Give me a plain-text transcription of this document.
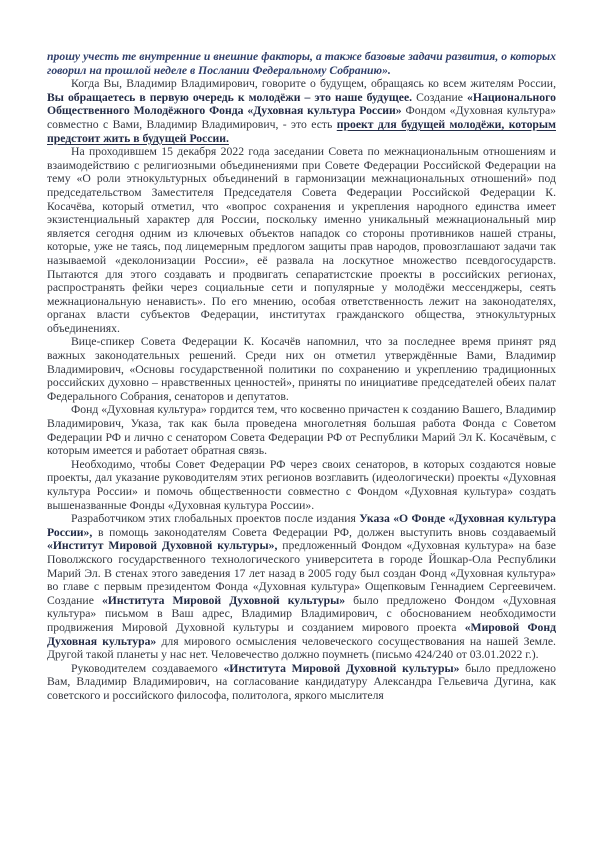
прошу учесть те внутренние и внешние факторы, а также базовые задачи развития, о которых говорил на прошлой неделе в Послании Федеральному Собранию».

Когда Вы, Владимир Владимирович, говорите о будущем, обращаясь ко всем жителям России, Вы обращаетесь в первую очередь к молодёжи – это наше будущее. Создание «Национального Общественного Молодёжного Фонда «Духовная культура России» Фондом «Духовная культура» совместно с Вами, Владимир Владимирович, - это есть проект для будущей молодёжи, которым предстоит жить в будущей России.

На проходившем 15 декабря 2022 года заседании Совета по межнациональным отношениям и взаимодействию с религиозными объединениями при Совете Федерации Российской Федерации на тему «О роли этнокультурных объединений в гармонизации межнациональных отношений» под председательством Заместителя Председателя Совета Федерации Российской Федерации К. Косачёва, который отметил, что «вопрос сохранения и укрепления народного единства имеет экзистенциальный характер для России, поскольку именно уникальный межнациональный мир является сегодня одним из ключевых объектов нападок со стороны противников нашей страны, которые, уже не таясь, под лицемерным предлогом защиты прав народов, провозглашают задачи так называемой «деколонизации России», её развала на лоскутное множество псевдогосударств. Пытаются для этого создавать и продвигать сепаратистские проекты в российских регионах, распространять фейки через социальные сети и популярные у молодёжи мессенджеры, сеять межнациональную ненависть». По его мнению, особая ответственность лежит на законодателях, органах власти субъектов Федерации, институтах гражданского общества, этнокультурных объединениях.

Вице-спикер Совета Федерации К. Косачёв напомнил, что за последнее время принят ряд важных законодательных решений. Среди них он отметил утверждённые Вами, Владимир Владимирович, «Основы государственной политики по сохранению и укреплению традиционных российских духовно – нравственных ценностей», приняты по инициативе председателей обеих палат Федерального Собрания, сенаторов и депутатов.

Фонд «Духовная культура» гордится тем, что косвенно причастен к созданию Вашего, Владимир Владимирович, Указа, так как была проведена многолетняя большая работа Фонда с Советом Федерации РФ и лично с сенатором Совета Федерации РФ от Республики Марий Эл К. Косачёвым, с которым имеется и работает обратная связь.

Необходимо, чтобы Совет Федерации РФ через своих сенаторов, в которых создаются новые проекты, дал указание руководителям этих регионов возглавить (идеологически) проекты «Духовная культура России» и помочь общественности совместно с Фондом «Духовная культура» создать вышеназванные Фонды «Духовная культура России».

Разработчиком этих глобальных проектов после издания Указа «О Фонде «Духовная культура России», в помощь законодателям Совета Федерации РФ, должен выступить вновь создаваемый «Институт Мировой Духовной культуры», предложенный Фондом «Духовная культура» на базе Поволжского государственного технологического университета в городе Йошкар-Ола Республики Марий Эл. В стенах этого заведения 17 лет назад в 2005 году был создан Фонд «Духовная культура» во главе с первым президентом Фонда «Духовная культура» Ощепковым Геннадием Сергеевичем. Создание «Института Мировой Духовной культуры» было предложено Фондом «Духовная культура» письмом в Ваш адрес, Владимир Владимирович, с обоснованием необходимости продвижения Мировой Духовной культуры и созданием мирового проекта «Мировой Фонд Духовная культура» для мирового осмысления человеческого сосуществования на нашей Земле. Другой такой планеты у нас нет. Человечество должно поумнеть (письмо 424/240 от 03.01.2022 г.).

Руководителем создаваемого «Института Мировой Духовной культуры» было предложено Вам, Владимир Владимирович, на согласование кандидатуру Александра Гельевича Дугина, как советского и российского философа, политолога, яркого мыслителя
